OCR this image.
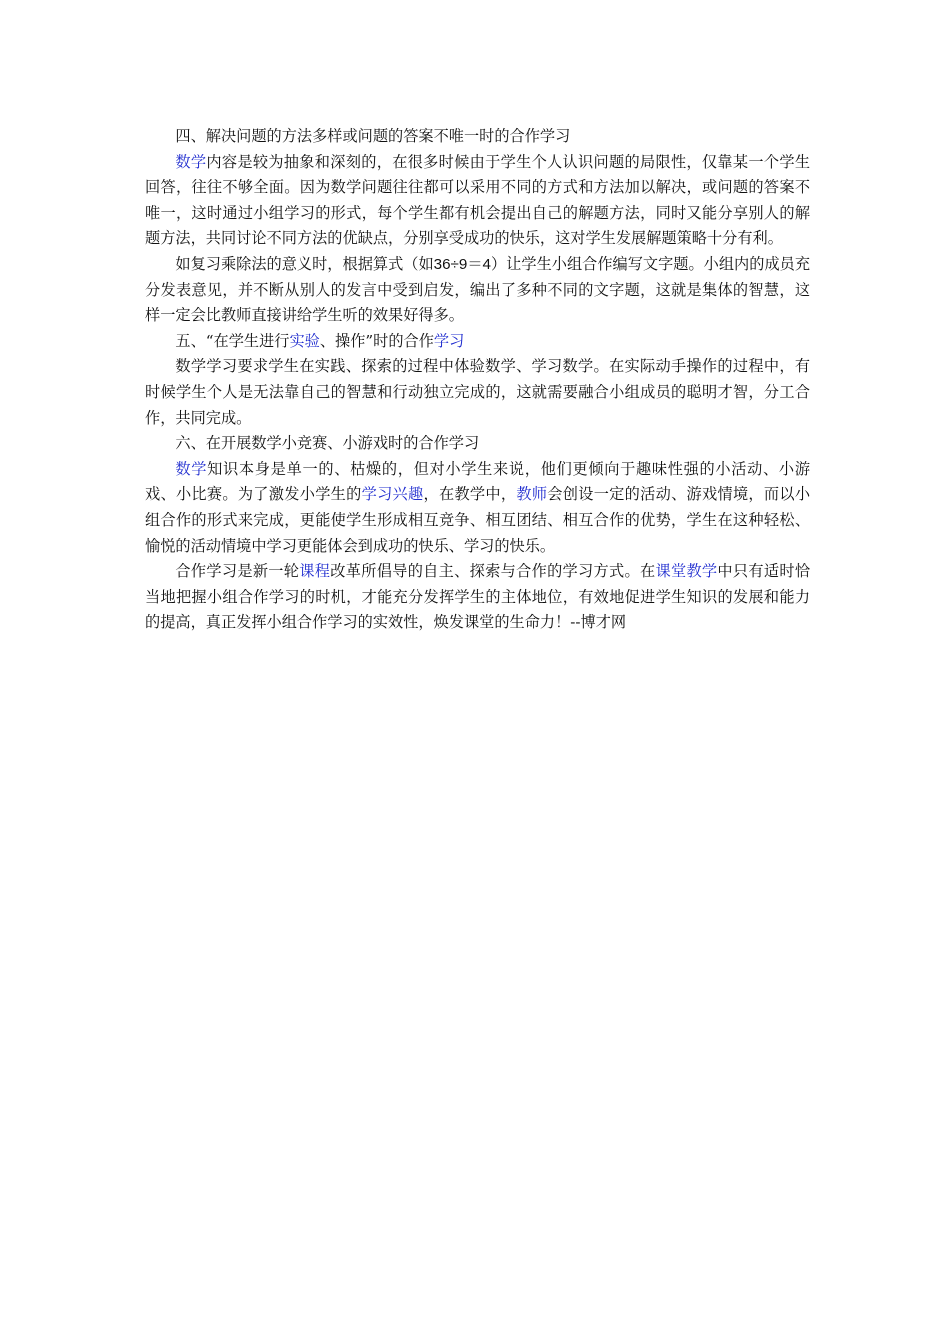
四、解决问题的方法多样或问题的答案不唯一时的合作学习

数学内容是较为抽象和深刻的，在很多时候由于学生个人认识问题的局限性，仅靠某一个学生回答，往往不够全面。因为数学问题往往都可以采用不同的方式和方法加以解决，或问题的答案不唯一，这时通过小组学习的形式，每个学生都有机会提出自己的解题方法，同时又能分享别人的解题方法，共同讨论不同方法的优缺点，分别享受成功的快乐，这对学生发展解题策略十分有利。

如复习乘除法的意义时，根据算式（如36÷9＝4）让学生小组合作编写文字题。小组内的成员充分发表意见，并不断从别人的发言中受到启发，编出了多种不同的文字题，这就是集体的智慧，这样一定会比教师直接讲给学生听的效果好得多。

五、“在学生进行实验、操作”时的合作学习

数学学习要求学生在实践、探索的过程中体验数学、学习数学。在实际动手操作的过程中，有时候学生个人是无法靠自己的智慧和行动独立完成的，这就需要融合小组成员的聪明才智，分工合作，共同完成。

六、在开展数学小竞赛、小游戏时的合作学习

数学知识本身是单一的、枯燥的，但对小学生来说，他们更倾向于趣味性强的小活动、小游戏、小比赛。为了激发小学生的学习兴趣，在教学中，教师会创设一定的活动、游戏情境，而以小组合作的形式来完成，更能使学生形成相互竞争、相互团结、相互合作的优势，学生在这种轻松、愉悦的活动情境中学习更能体会到成功的快乐、学习的快乐。

合作学习是新一轮课程改革所倡导的自主、探索与合作的学习方式。在课堂教学中只有适时恰当地把握小组合作学习的时机，才能充分发挥学生的主体地位，有效地促进学生知识的发展和能力的提高，真正发挥小组合作学习的实效性，焕发课堂的生命力！--博才网
